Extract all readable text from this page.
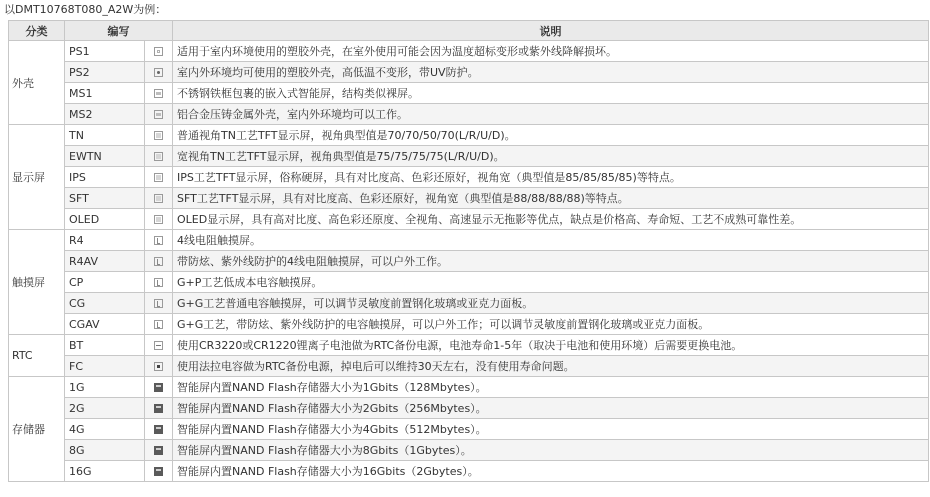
以DMT10768T080_A2W为例：
分类	编写		说明
外壳	PS1		适用于室内环境使用的塑胶外壳，在室外使用可能会因为温度超标变形或紫外线降解损坏。
	PS2		室内外环境均可使用的塑胶外壳，高低温不变形，带UV防护。
	MS1		不锈钢铁框包裹的嵌入式智能屏，结构类似裸屏。
	MS2		铝合金压铸金属外壳，室内外环境均可以工作。
显示屏	TN		普通视角TN工艺TFT显示屏，视角典型值是70/70/50/70(L/R/U/D)。
	EWTN		宽视角TN工艺TFT显示屏，视角典型值是75/75/75/75(L/R/U/D)。
	IPS		IPS工艺TFT显示屏，俗称硬屏，具有对比度高、色彩还原好，视角宽（典型值是85/85/85/85)等特点。
	SFT		SFT工艺TFT显示屏，具有对比度高、色彩还原好，视角宽（典型值是88/88/88/88)等特点。
	OLED		OLED显示屏，具有高对比度、高色彩还原度、全视角、高速显示无拖影等优点，缺点是价格高、寿命短、工艺不成熟可靠性差。
触摸屏	R4		4线电阻触摸屏。
	R4AV		带防炫、紫外线防护的4线电阻触摸屏，可以户外工作。
	CP		G+P工艺低成本电容触摸屏。
	CG		G+G工艺普通电容触摸屏，可以调节灵敏度前置钢化玻璃或亚克力面板。
	CGAV		G+G工艺，带防炫、紫外线防护的电容触摸屏，可以户外工作；可以调节灵敏度前置钢化玻璃或亚克力面板。
RTC	BT		使用CR3220或CR1220锂离子电池做为RTC备份电源，电池寿命1-5年（取决于电池和使用环境）后需要更换电池。
	FC		使用法拉电容做为RTC备份电源，掉电后可以维持30天左右，没有使用寿命问题。
存储器	1G		智能屏内置NAND Flash存储器大小为1Gbits（128Mbytes）。
	2G		智能屏内置NAND Flash存储器大小为2Gbits（256Mbytes）。
	4G		智能屏内置NAND Flash存储器大小为4Gbits（512Mbytes）。
	8G		智能屏内置NAND Flash存储器大小为8Gbits（1Gbytes）。
	16G		智能屏内置NAND Flash存储器大小为16Gbits（2Gbytes）。
